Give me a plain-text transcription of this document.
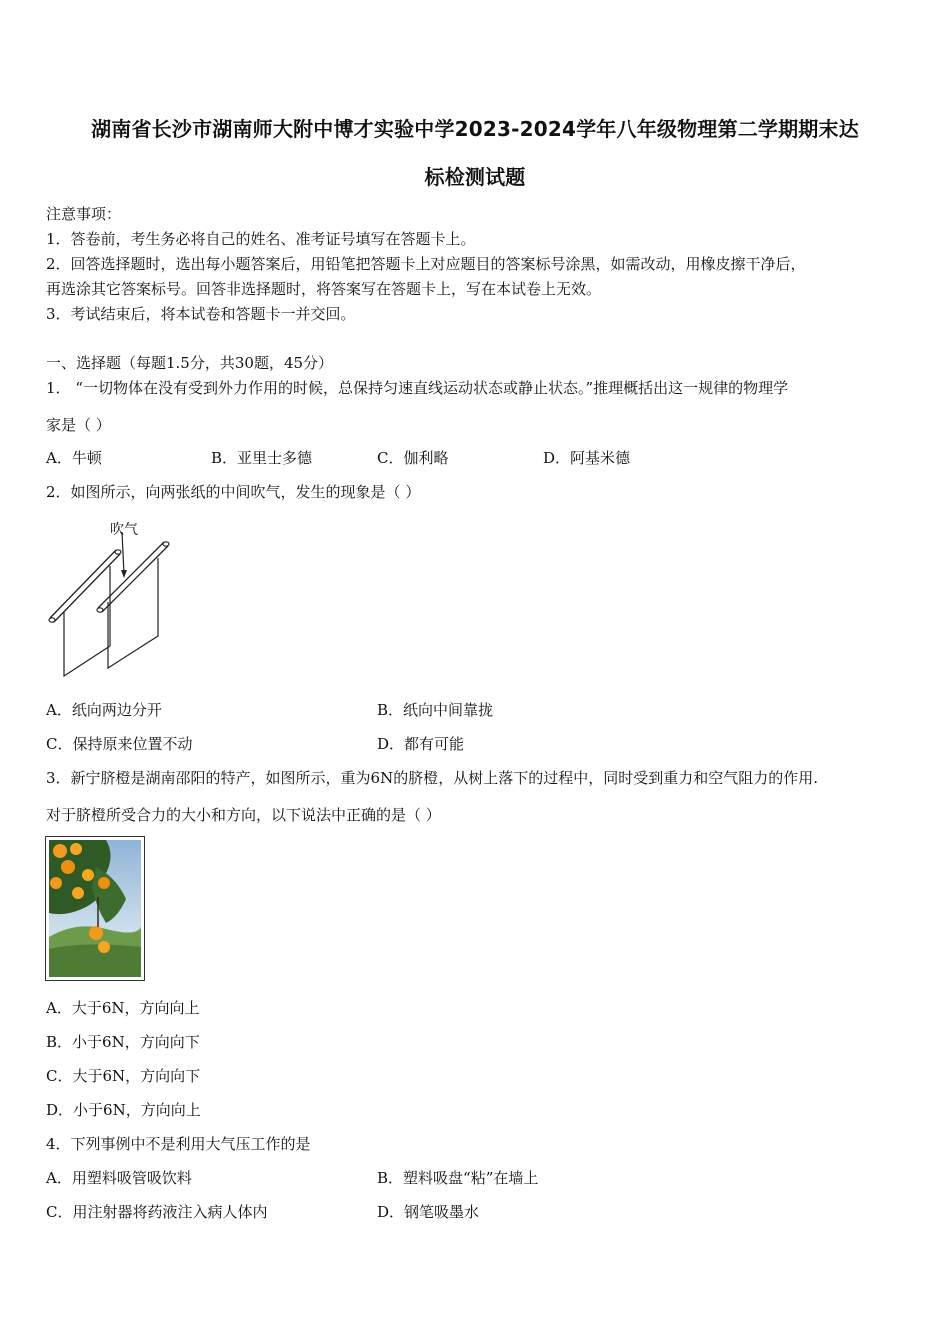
湖南省长沙市湖南师大附中博才实验中学2023-2024学年八年级物理第二学期期末达
标检测试题
注意事项：
1．答卷前，考生务必将自己的姓名、准考证号填写在答题卡上。
2．回答选择题时，选出每小题答案后，用铅笔把答题卡上对应题目的答案标号涂黑，如需改动，用橡皮擦干净后，
再选涂其它答案标号。回答非选择题时，将答案写在答题卡上，写在本试卷上无效。
3．考试结束后，将本试卷和答题卡一并交回。
一、选择题（每题1.5分，共30题，45分）
1． “一切物体在没有受到外力作用的时候，总保持匀速直线运动状态或静止状态。”推理概括出这一规律的物理学
家是（ ）
A．牛顿	B．亚里士多德	C．伽利略	D．阿基米德
2．如图所示，向两张纸的中间吹气，发生的现象是（ ）
吹气
A．纸向两边分开	B．纸向中间靠拢
C．保持原来位置不动	D．都有可能
3．新宁脐橙是湖南邵阳的特产，如图所示，重为6N的脐橙，从树上落下的过程中，同时受到重力和空气阻力的作用.
对于脐橙所受合力的大小和方向，以下说法中正确的是（ ）
A．大于6N，方向向上
B．小于6N，方向向下
C．大于6N，方向向下
D．小于6N，方向向上
4．下列事例中不是利用大气压工作的是
A．用塑料吸管吸饮料	B．塑料吸盘“粘”在墙上
C．用注射器将药液注入病人体内	D．钢笔吸墨水
